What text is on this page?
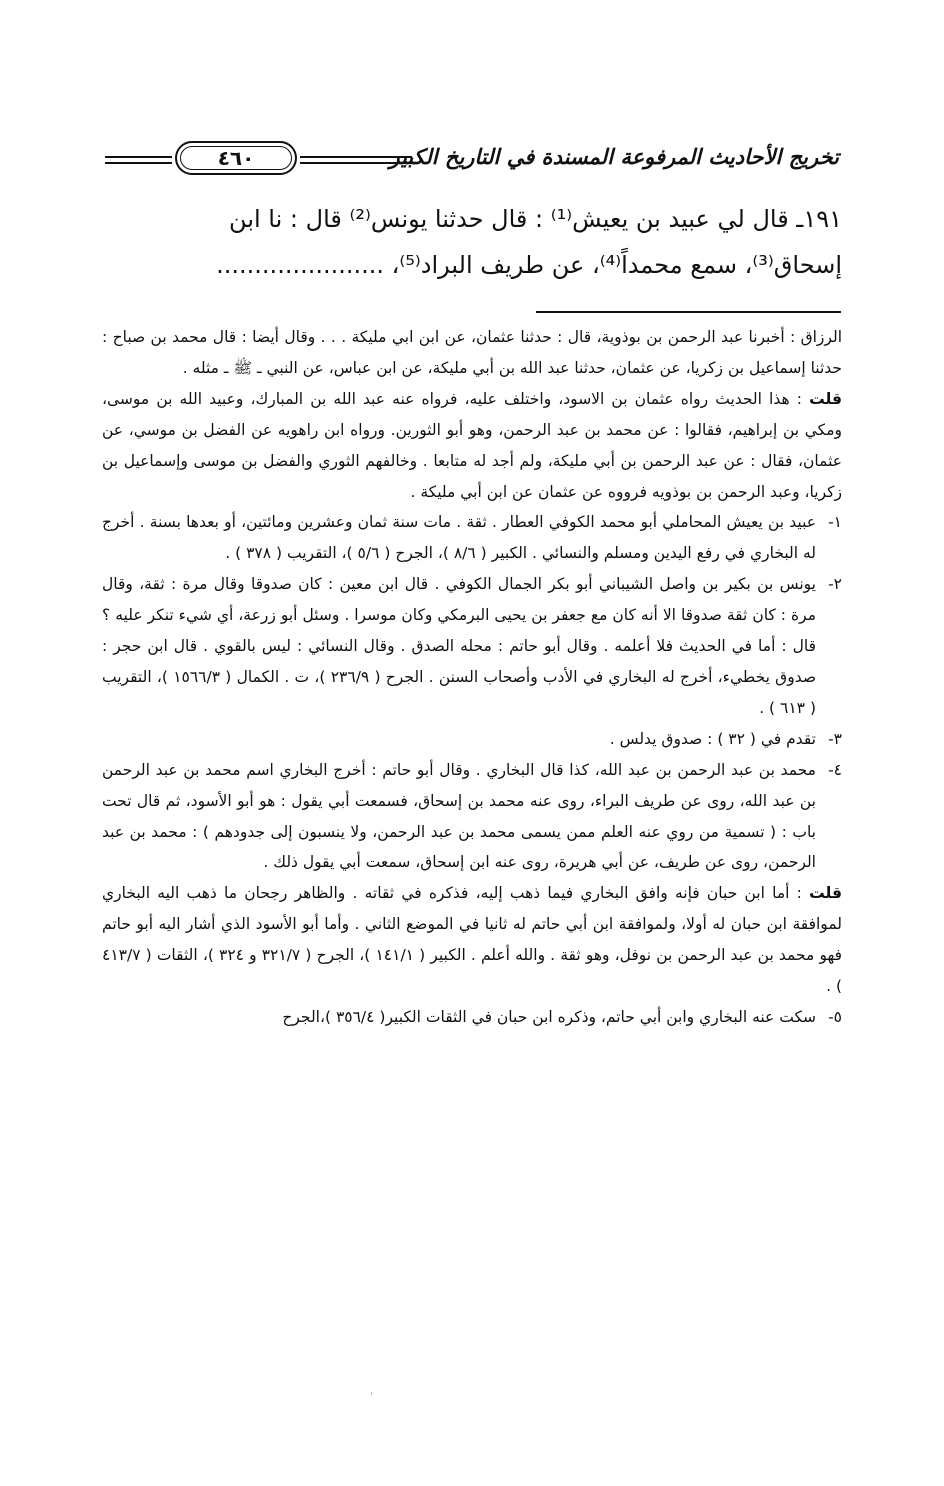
٤٦٠	تخريج الأحاديث المرفوعة المسندة في التاريخ الكبير

١٩١ـ قال لي عبيد بن يعيش⁽¹⁾ : قال حدثنا يونس⁽²⁾ قال : نا ابن

إسحاق⁽³⁾، سمع محمداً⁽⁴⁾، عن طريف البراد⁽⁵⁾، ......................

الرزاق : أخبرنا عبد الرحمن بن بوذوية، قال : حدثنا عثمان، عن ابن ابي مليكة . . . وقال أيضا : قال محمد بن صباح : حدثنا إسماعيل بن زكريا، عن عثمان، حدثنا عبد الله بن أبي مليكة، عن ابن عباس، عن النبي ـ ﷺ ـ مثله .

قلت : هذا الحديث رواه عثمان بن الاسود، واختلف عليه، فرواه عنه عبد الله بن المبارك، وعبيد الله بن موسى، ومكي بن إبراهيم، فقالوا : عن محمد بن عبد الرحمن، وهو أبو الثورين. ورواه ابن راهويه عن الفضل بن موسي، عن عثمان، فقال : عن عبد الرحمن بن أبي مليكة، ولم أجد له متابعا . وخالفهم الثوري والفضل بن موسى وإسماعيل بن زكريا، وعبد الرحمن بن بوذويه فرووه عن عثمان عن ابن أبي مليكة .

١-عبيد بن يعيش المحاملي أبو محمد الكوفي العطار . ثقة . مات سنة ثمان وعشرين ومائتين، أو بعدها بسنة . أخرج له البخاري في رفع اليدين ومسلم والنسائي . الكبير ( ٨/٦ )، الجرح ( ٥/٦ )، التقريب ( ٣٧٨ ) .

٢-يونس بن بكير بن واصل الشيباني أبو بكر الجمال الكوفي . قال ابن معين : كان صدوقا وقال مرة : ثقة، وقال مرة : كان ثقة صدوقا الا أنه كان مع جعفر بن يحيى البرمكي وكان موسرا . وسئل أبو زرعة، أي شيء تنكر عليه ؟ قال : أما في الحديث فلا أعلمه . وقال أبو حاتم : محله الصدق . وقال النسائي : ليس بالقوي . قال ابن حجر : صدوق يخطيء، أخرج له البخاري في الأدب وأصحاب السنن . الجرح ( ٢٣٦/٩ )، ت . الكمال ( ١٥٦٦/٣ )، التقريب ( ٦١٣ ) .

٣-تقدم في ( ٣٢ ) : صدوق يدلس .

٤-محمد بن عبد الرحمن بن عبد الله، كذا قال البخاري . وقال أبو حاتم : أخرج البخاري اسم محمد بن عبد الرحمن بن عبد الله، روى عن طريف البراء، روى عنه محمد بن إسحاق، فسمعت أبي يقول : هو أبو الأسود، ثم قال تحت باب : ( تسمية من روي عنه العلم ممن يسمى محمد بن عبد الرحمن، ولا ينسبون إلى جدودهم ) : محمد بن عبد الرحمن، روى عن طريف، عن أبي هريرة، روى عنه ابن إسحاق، سمعت أبي يقول ذلك .

قلت : أما ابن حبان فإنه وافق البخاري فيما ذهب إليه، فذكره في ثقاته . والظاهر رجحان ما ذهب اليه البخاري لموافقة ابن حبان له أولا، ولموافقة ابن أبي حاتم له ثانيا في الموضع الثاني . وأما أبو الأسود الذي أشار اليه أبو حاتم فهو محمد بن عبد الرحمن بن نوفل، وهو ثقة . والله أعلم . الكبير ( ١٤١/١ )، الجرح ( ٣٢١/٧ و ٣٢٤ )، الثقات ( ٤١٣/٧ ) .

٥-سكت عنه البخاري وابن أبي حاتم، وذكره ابن حبان في الثقات الكبير( ٣٥٦/٤ )،الجرح
